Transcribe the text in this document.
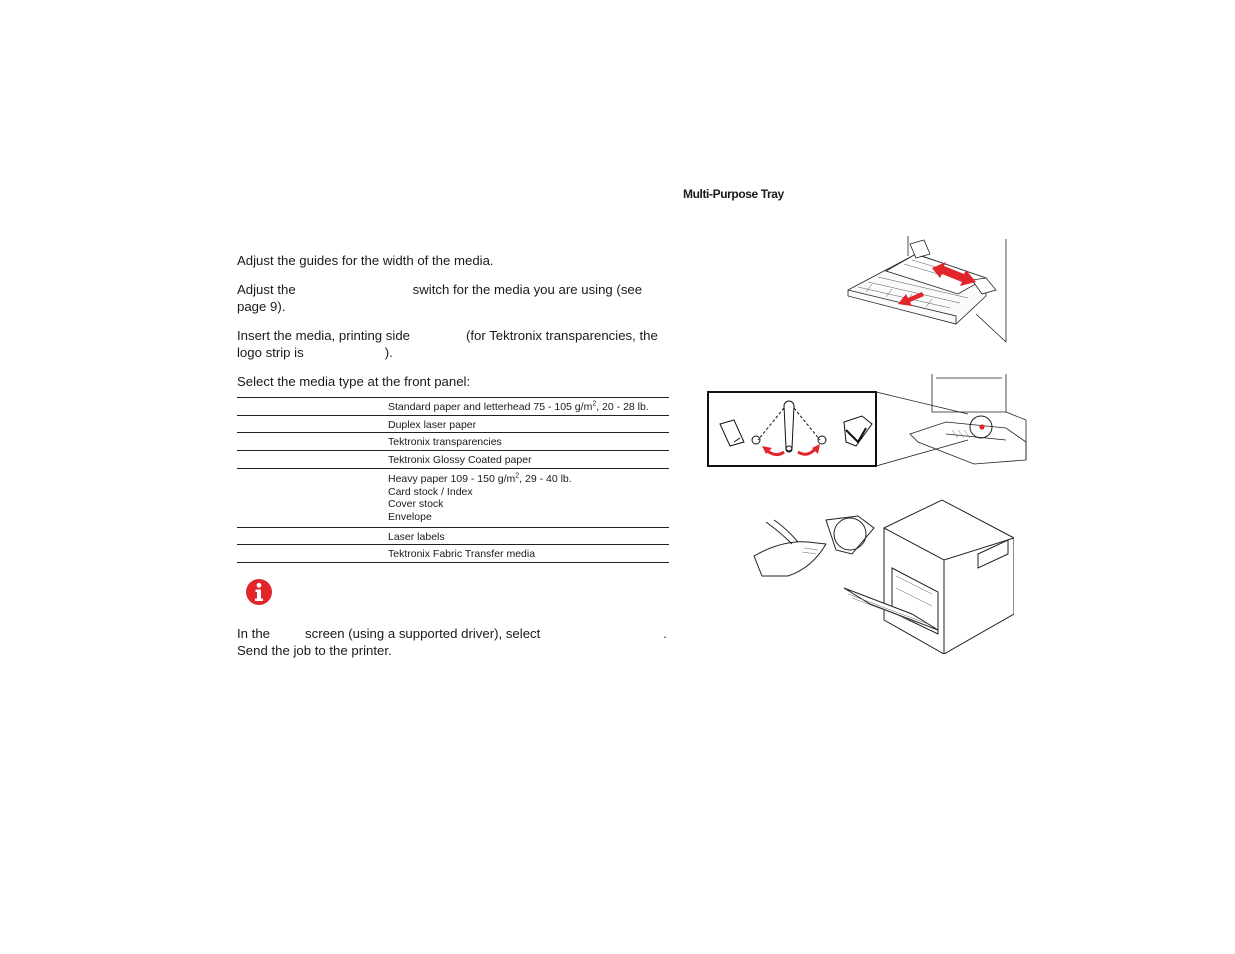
Multi-Purpose Tray
Adjust the guides for the width of the media.
Adjust the	switch for the media you are using (see
page 9).
Insert the media, printing side	(for Tektronix transparencies, the
logo strip is	).
Select the media type at the front panel:
	Standard paper and letterhead 75 - 105 $g/m^2$, 20 - 28 lb.
	Duplex laser paper
	Tektronix transparencies
	Tektronix Glossy Coated paper
	Heavy paper 109 - 150 $g/m^2$, 29 - 40 lb.
Card stock / Index
Cover stock
Envelope
	Laser labels
	Tektronix Fabric Transfer media
In the	screen (using a supported driver), select	.
Send the job to the printer.
